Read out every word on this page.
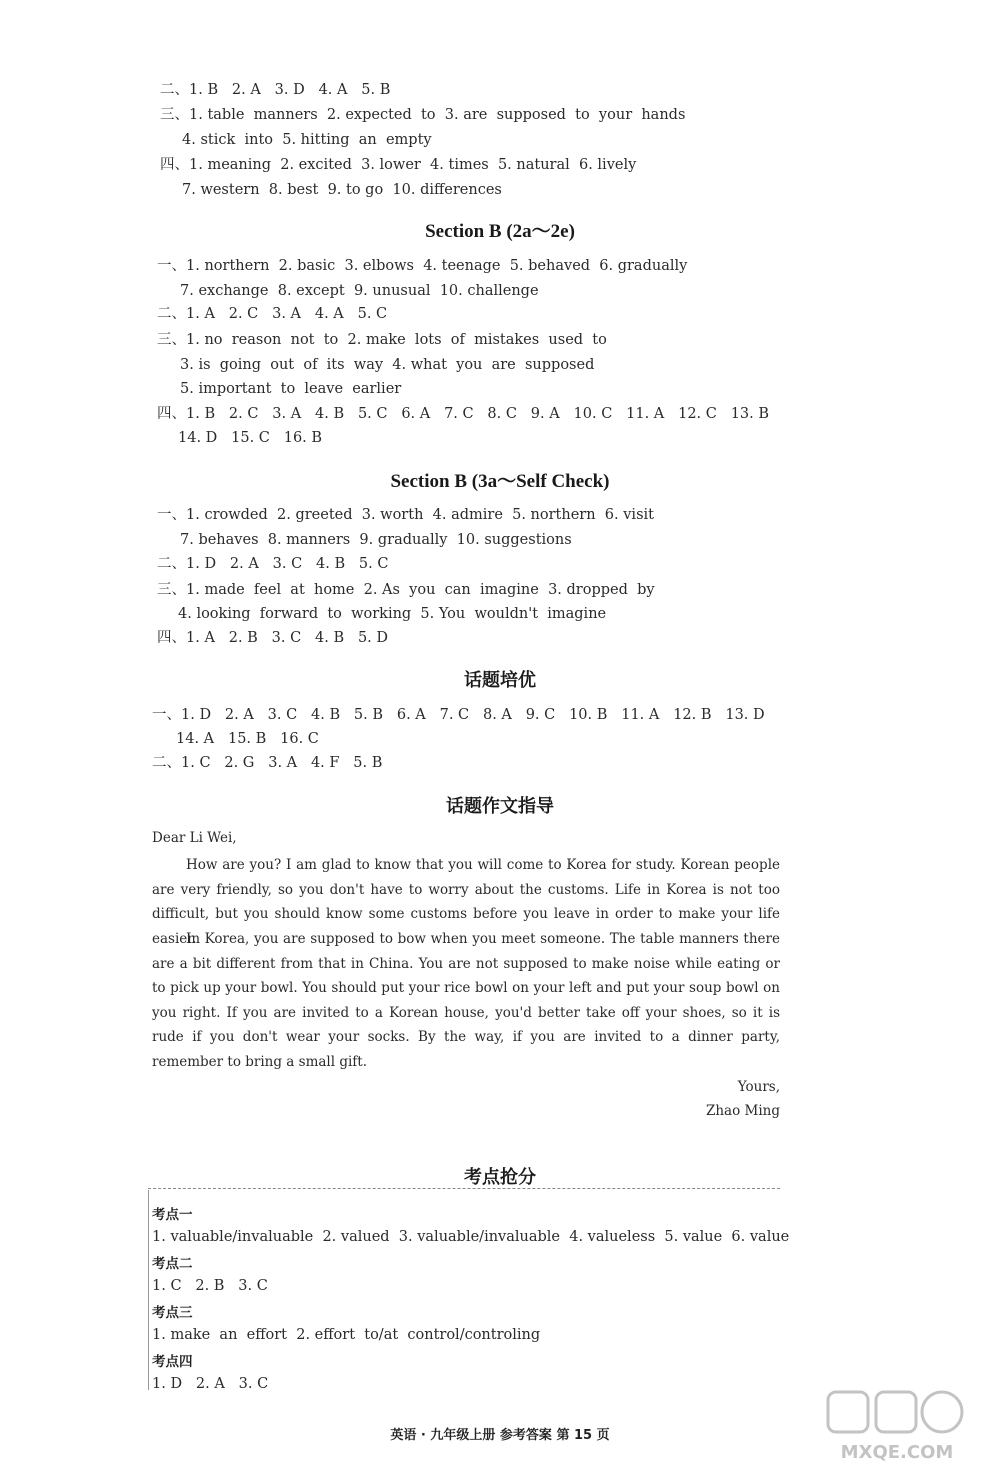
二、1. B   2. A   3. D   4. A   5. B
三、1. table  manners  2. expected  to  3. are  supposed  to  your  hands
4. stick  into  5. hitting  an  empty
四、1. meaning  2. excited  3. lower  4. times  5. natural  6. lively
7. western  8. best  9. to go  10. differences
Section B (2a～2e)
一、1. northern  2. basic  3. elbows  4. teenage  5. behaved  6. gradually
7. exchange  8. except  9. unusual  10. challenge
二、1. A   2. C   3. A   4. A   5. C
三、1. no  reason  not  to  2. make  lots  of  mistakes  used  to
3. is  going  out  of  its  way  4. what  you  are  supposed
5. important  to  leave  earlier
四、1. B   2. C   3. A   4. B   5. C   6. A   7. C   8. C   9. A   10. C   11. A   12. C   13. B
14. D   15. C   16. B
Section B (3a～Self Check)
一、1. crowded  2. greeted  3. worth  4. admire  5. northern  6. visit
7. behaves  8. manners  9. gradually  10. suggestions
二、1. D   2. A   3. C   4. B   5. C
三、1. made  feel  at  home  2. As  you  can  imagine  3. dropped  by
4. looking  forward  to  working  5. You  wouldn't  imagine
四、1. A   2. B   3. C   4. B   5. D
话题培优
一、1. D   2. A   3. C   4. B   5. B   6. A   7. C   8. A   9. C   10. B   11. A   12. B   13. D
14. A   15. B   16. C
二、1. C   2. G   3. A   4. F   5. B
话题作文指导
Dear Li Wei,
How are you? I am glad to know that you will come to Korea for study. Korean people are very friendly, so you don't have to worry about the customs. Life in Korea is not too difficult, but you should know some customs before you leave in order to make your life easier.
In Korea, you are supposed to bow when you meet someone. The table manners there are a bit different from that in China. You are not supposed to make noise while eating or to pick up your bowl. You should put your rice bowl on your left and put your soup bowl on you right. If you are invited to a Korean house, you'd better take off your shoes, so it is rude if you don't wear your socks. By the way, if you are invited to a dinner party, remember to bring a small gift.
Yours,
Zhao Ming
考点抢分
考点一
1. valuable/invaluable  2. valued  3. valuable/invaluable  4. valueless  5. value  6. value
考点二
1. C   2. B   3. C
考点三
1. make  an  effort  2. effort  to/at  control/controling
考点四
1. D   2. A   3. C
英语 · 九年级上册 参考答案 第 15 页
MXQE.COM
